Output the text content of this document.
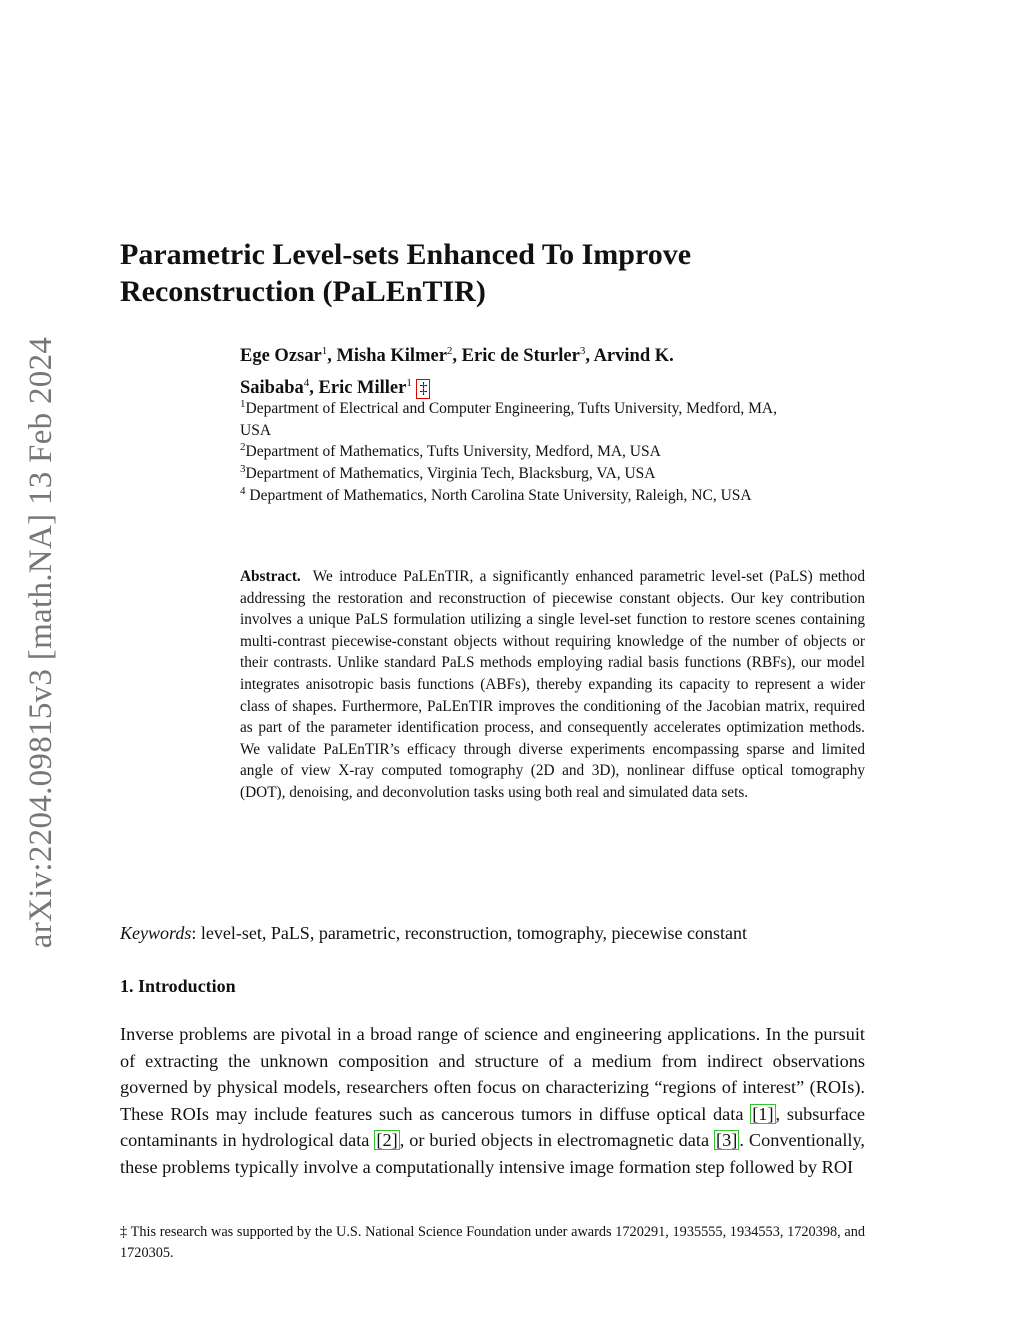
arXiv:2204.09815v3 [math.NA] 13 Feb 2024
Parametric Level-sets Enhanced To Improve
Reconstruction (PaLEnTIR)
Ege Ozsar$^1$, Misha Kilmer$^2$, Eric de Sturler$^3$, Arvind K.
Saibaba$^4$, Eric Miller$^1$ ‡
$^1$Department of Electrical and Computer Engineering, Tufts University, Medford, MA,
USA
$^2$Department of Mathematics, Tufts University, Medford, MA, USA
$^3$Department of Mathematics, Virginia Tech, Blacksburg, VA, USA
$^4$ Department of Mathematics, North Carolina State University, Raleigh, NC, USA
Abstract. We introduce PaLEnTIR, a significantly enhanced parametric level-set (PaLS) method addressing the restoration and reconstruction of piecewise constant objects. Our key contribution involves a unique PaLS formulation utilizing a single level-set function to restore scenes containing multi-contrast piecewise-constant objects without requiring knowledge of the number of objects or their contrasts. Unlike standard PaLS methods employing radial basis functions (RBFs), our model integrates anisotropic basis functions (ABFs), thereby expanding its capacity to represent a wider class of shapes. Furthermore, PaLEnTIR improves the conditioning of the Jacobian matrix, required as part of the parameter identification process, and consequently accelerates optimization methods. We validate PaLEnTIR’s efficacy through diverse experiments encompassing sparse and limited angle of view X-ray computed tomography (2D and 3D), nonlinear diffuse optical tomography (DOT), denoising, and deconvolution tasks using both real and simulated data sets.
Keywords: level-set, PaLS, parametric, reconstruction, tomography, piecewise constant
1. Introduction
Inverse problems are pivotal in a broad range of science and engineering applications. In the pursuit of extracting the unknown composition and structure of a medium from indirect observations governed by physical models, researchers often focus on characterizing “regions of interest” (ROIs). These ROIs may include features such as cancerous tumors in diffuse optical data [1] , subsurface contaminants in hydrological data [2] , or buried objects in electromagnetic data [3] . Conventionally, these problems typically involve a computationally intensive image formation step followed by ROI
‡ This research was supported by the U.S. National Science Foundation under awards 1720291, 1935555, 1934553, 1720398, and 1720305.
